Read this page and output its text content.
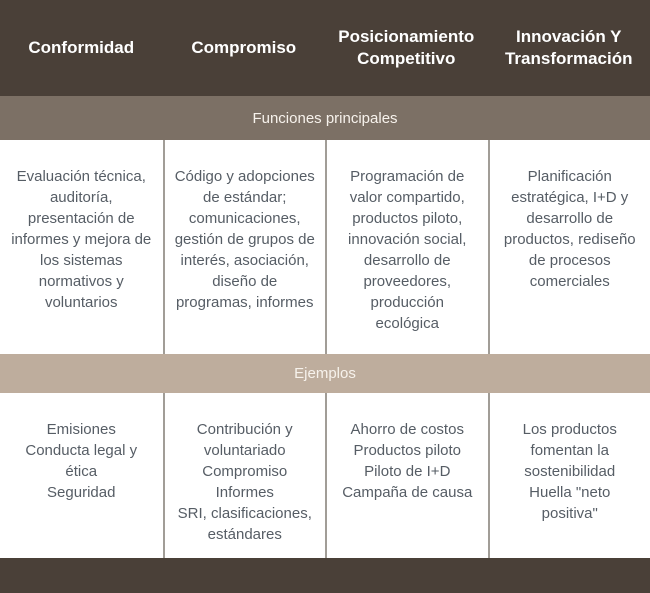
Conformidad	Compromiso
Posicionamiento Competitivo
Innovación Y Transformación
Funciones principales
Evaluación técnica, auditoría, presentación de informes y mejora de los sistemas normativos y voluntarios
Código y adopciones de estándar; comunicaciones, gestión de grupos de interés, asociación, diseño de programas, informes
Programación de valor compartido, productos piloto, innovación social, desarrollo de proveedores, producción ecológica
Planificación estratégica, I+D y desarrollo de productos, rediseño de procesos comerciales
Ejemplos
Emisiones
Conducta legal y ética
Seguridad
Contribución y voluntariado
Compromiso
Informes
SRI, clasificaciones, estándares
Ahorro de costos
Productos piloto
Piloto de I+D
Campaña de causa
Los productos fomentan la sostenibilidad
Huella "neto positiva"
